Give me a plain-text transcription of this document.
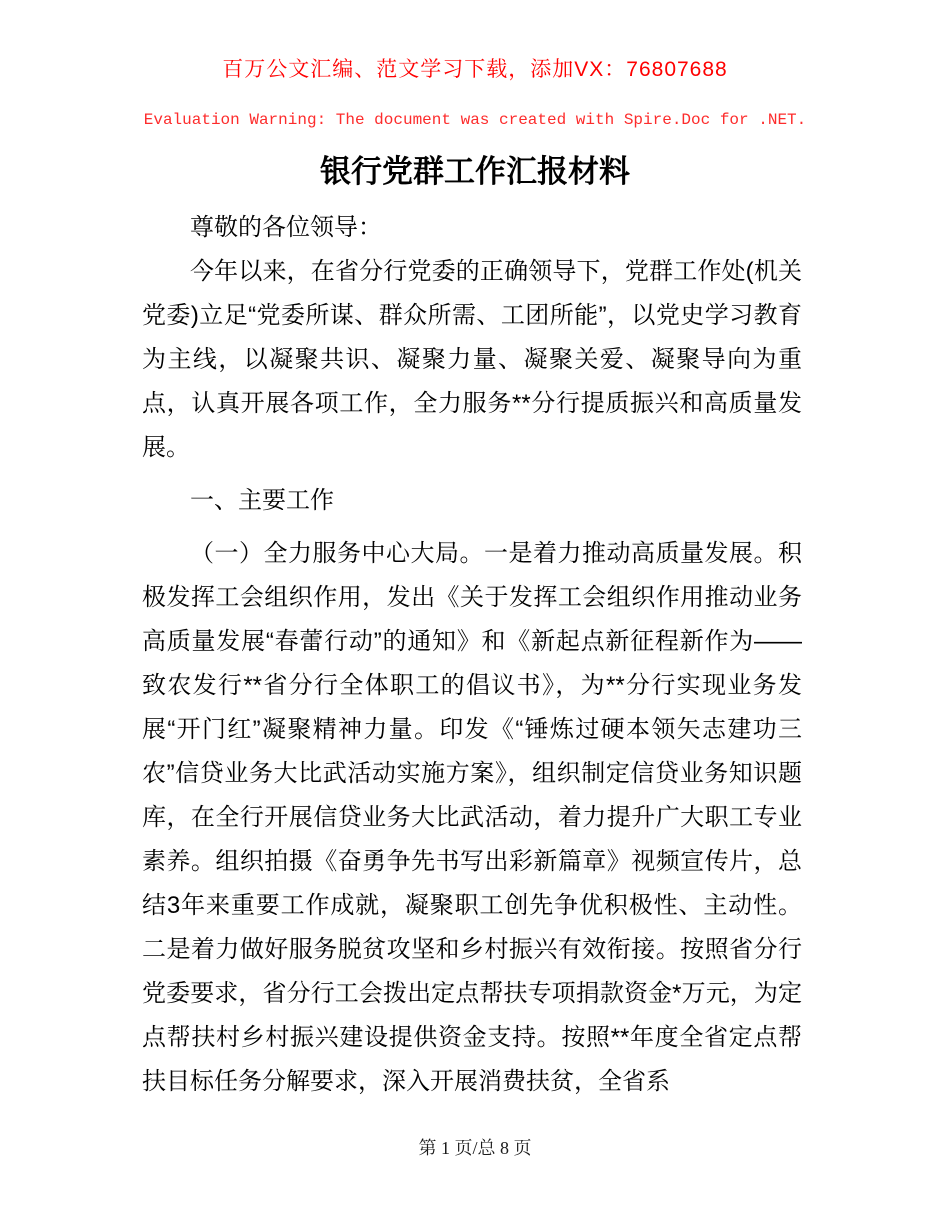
百万公文汇编、范文学习下载，添加VX：76807688
Evaluation Warning: The document was created with Spire.Doc for .NET.
银行党群工作汇报材料

尊敬的各位领导：

今年以来，在省分行党委的正确领导下，党群工作处(机关党委)立足“党委所谋、群众所需、工团所能”，以党史学习教育为主线，以凝聚共识、凝聚力量、凝聚关爱、凝聚导向为重点，认真开展各项工作，全力服务**分行提质振兴和高质量发展。

一、主要工作

（一）全力服务中心大局。一是着力推动高质量发展。积极发挥工会组织作用，发出《关于发挥工会组织作用推动业务高质量发展“春蕾行动”的通知》和《新起点新征程新作为——致农发行**省分行全体职工的倡议书》，为**分行实现业务发展“开门红”凝聚精神力量。印发《“锤炼过硬本领矢志建功三农”信贷业务大比武活动实施方案》，组织制定信贷业务知识题库，在全行开展信贷业务大比武活动，着力提升广大职工专业素养。组织拍摄《奋勇争先书写出彩新篇章》视频宣传片，总结3年来重要工作成就，凝聚职工创先争优积极性、主动性。二是着力做好服务脱贫攻坚和乡村振兴有效衔接。按照省分行党委要求，省分行工会拨出定点帮扶专项捐款资金*万元，为定点帮扶村乡村振兴建设提供资金支持。按照**年度全省定点帮扶目标任务分解要求，深入开展消费扶贫，全省系

第 1 页/总 8 页
